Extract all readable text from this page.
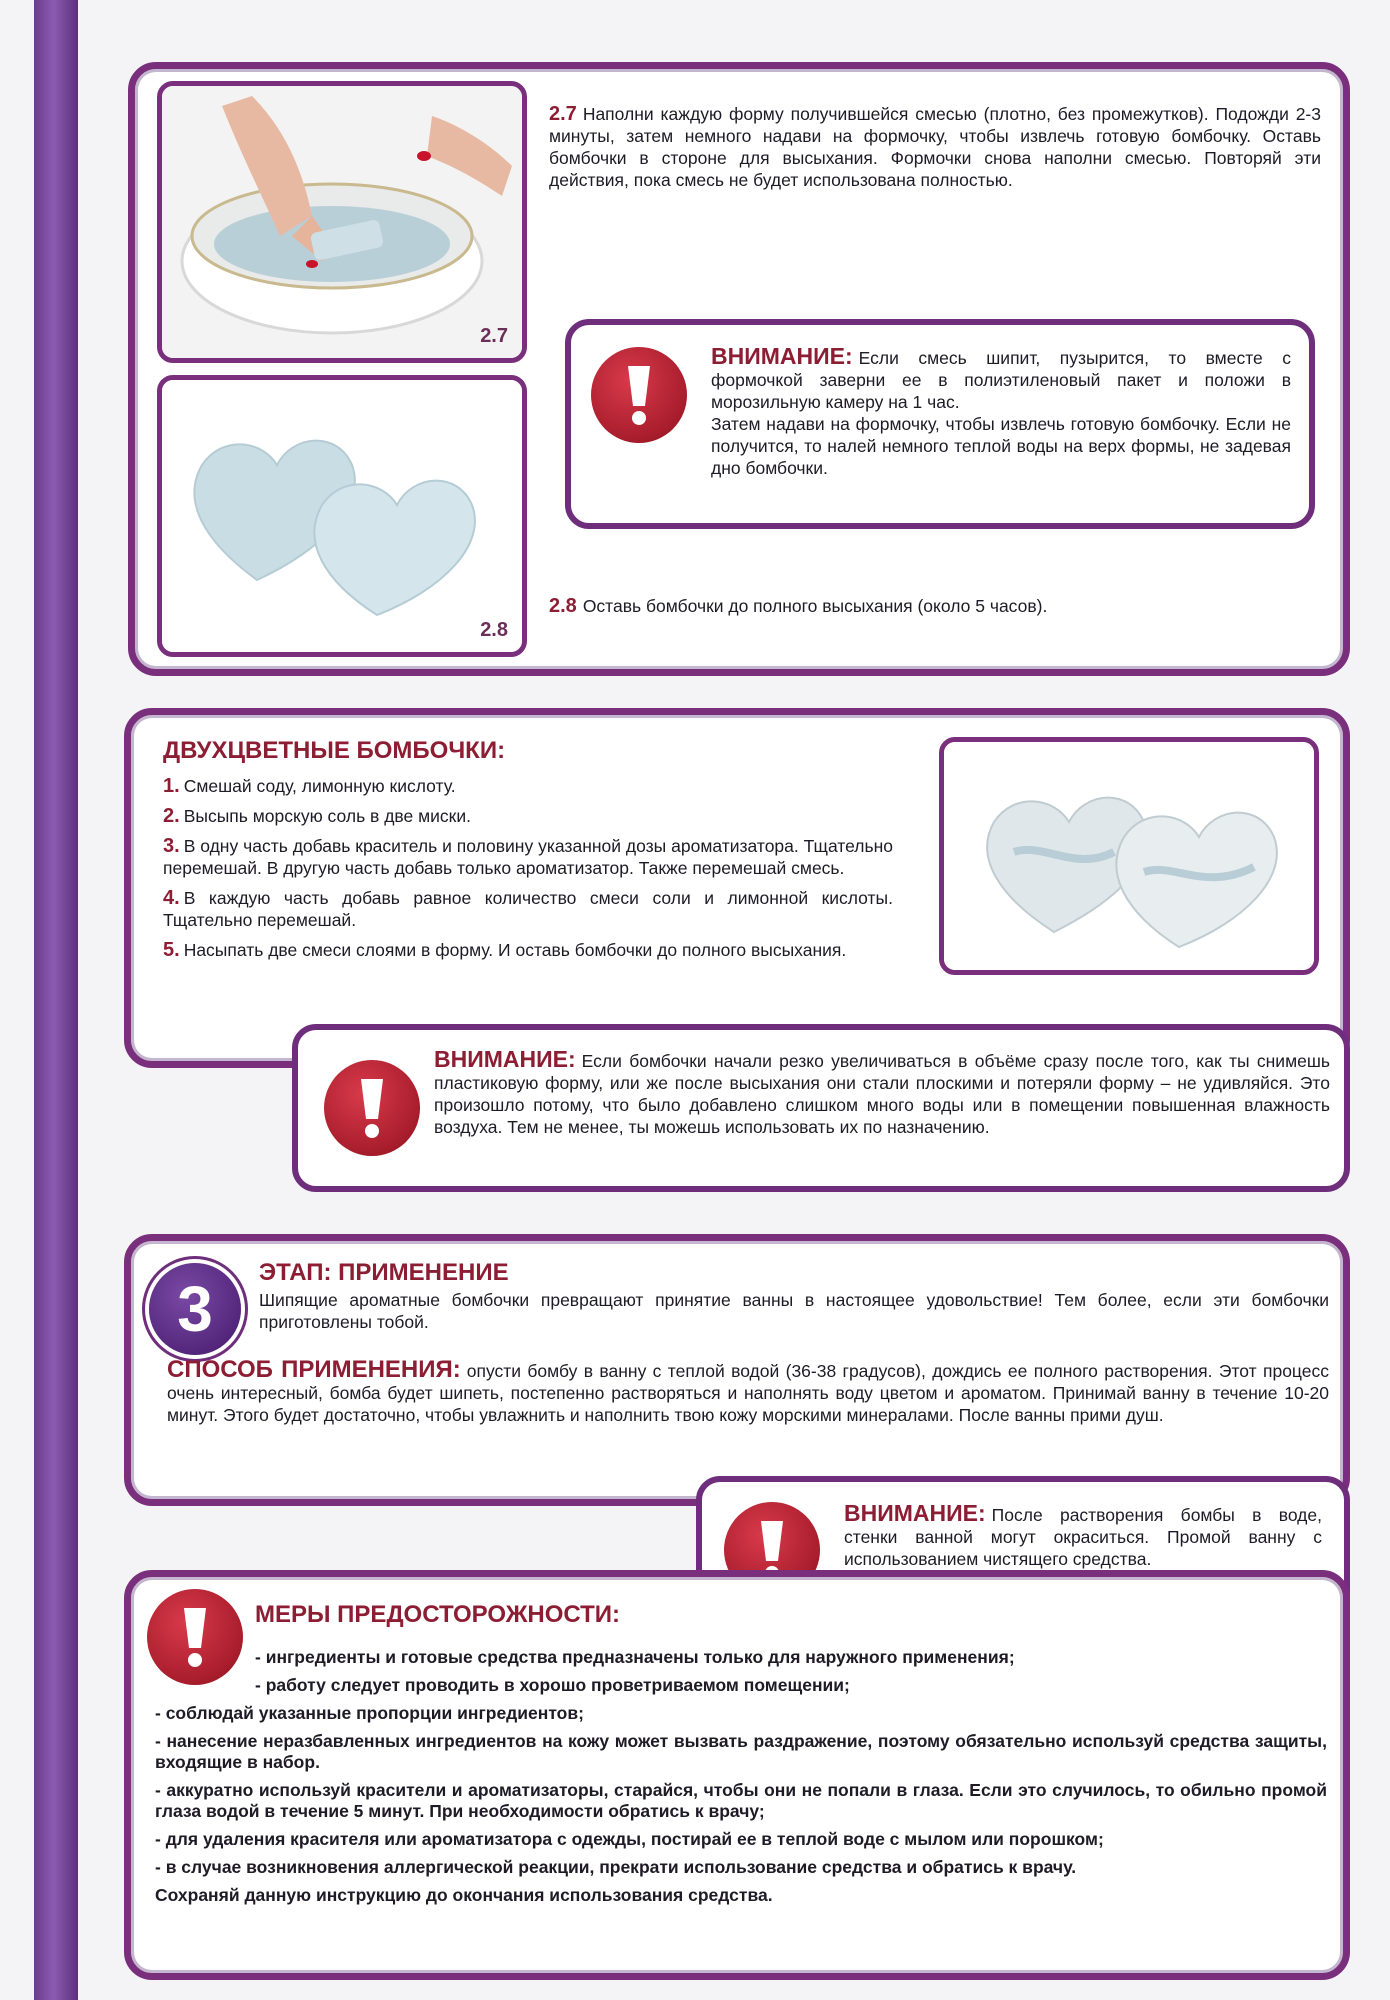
2.7
2.8
2.7 Наполни каждую форму получившейся смесью (плотно, без промежутков). Подожди 2-3 минуты, затем немного надави на формочку, чтобы извлечь готовую бомбочку. Оставь бомбочки в стороне для высыхания. Формочки снова наполни смесью. Повторяй эти действия, пока смесь не будет использована полностью.
ВНИМАНИЕ: Если смесь шипит, пузырится, то вместе с формочкой заверни ее в полиэтиленовый пакет и положи в морозильную камеру на 1 час.
Затем надави на формочку, чтобы извлечь готовую бомбочку. Если не получится, то налей немного теплой воды на верх формы, не задевая дно бомбочки.
2.8 Оставь бомбочки до полного высыхания (около 5 часов).
ДВУХЦВЕТНЫЕ БОМБОЧКИ:
1. Смешай соду, лимонную кислоту.
2. Высыпь морскую соль в две миски.
3. В одну часть добавь краситель и половину указанной дозы ароматизатора. Тщательно перемешай. В другую часть добавь только ароматизатор. Также перемешай смесь.
4. В каждую часть добавь равное количество смеси соли и лимонной кислоты. Тщательно перемешай.
5. Насыпать две смеси слоями в форму. И оставь бомбочки до полного высыхания.
ВНИМАНИЕ: Если бомбочки начали резко увеличиваться в объёме сразу после того, как ты снимешь пластиковую форму, или же после высыхания они стали плоскими и потеряли форму – не удивляйся. Это произошло потому, что было добавлено слишком много воды или в помещении повышенная влажность воздуха. Тем не менее, ты можешь использовать их по назначению.
3
ЭТАП: ПРИМЕНЕНИЕ
Шипящие ароматные бомбочки превращают принятие ванны в настоящее удовольствие! Тем более, если эти бомбочки приготовлены тобой.
СПОСОБ ПРИМЕНЕНИЯ: опусти бомбу в ванну с теплой водой (36-38 градусов), дождись ее полного растворения. Этот процесс очень интересный, бомба будет шипеть, постепенно растворяться и наполнять воду цветом и ароматом. Принимай ванну в течение 10-20 минут. Этого будет достаточно, чтобы увлажнить и наполнить твою кожу морскими минералами. После ванны прими душ.
ВНИМАНИЕ: После растворения бомбы в воде, стенки ванной могут окраситься. Промой ванну с использованием чистящего средства.
МЕРЫ ПРЕДОСТОРОЖНОСТИ:

- ингредиенты и готовые средства предназначены только для наружного применения;

- работу следует проводить в хорошо проветриваемом помещении;

- соблюдай указанные пропорции ингредиентов;

- нанесение неразбавленных ингредиентов на кожу может вызвать раздражение, поэтому обязательно используй средства защиты, входящие в набор.

- аккуратно используй красители и ароматизаторы, старайся, чтобы они не попали в глаза. Если это случилось, то обильно промой глаза водой в течение 5 минут. При необходимости обратись к врачу;

- для удаления красителя или ароматизатора с одежды, постирай ее в теплой воде с мылом или порошком;

- в случае возникновения аллергической реакции, прекрати использование средства и обратись к врачу.

Сохраняй данную инструкцию до окончания использования средства.
